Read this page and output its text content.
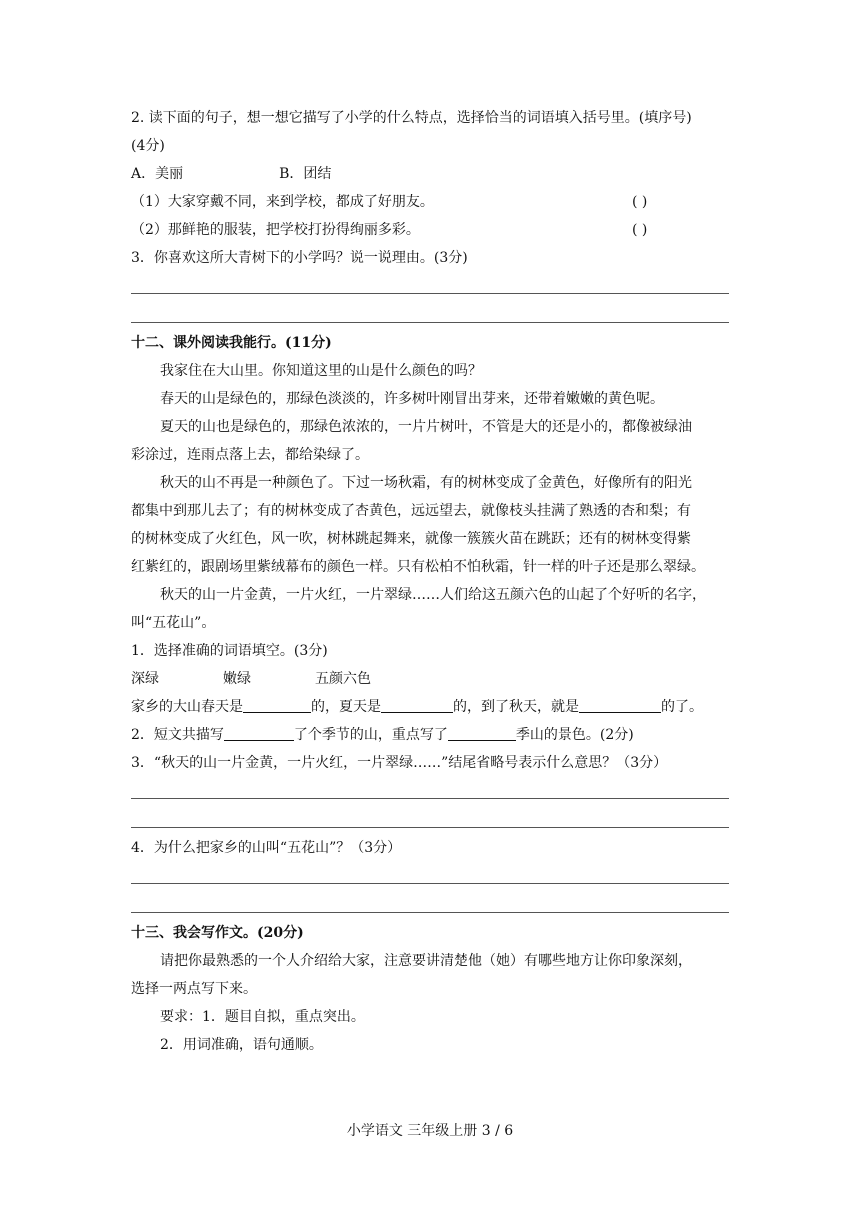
2. 读下面的句子，想一想它描写了小学的什么特点，选择恰当的词语填入括号里。(填序号)
(4分)
A．美丽	B．团结
（1）大家穿戴不同，来到学校，都成了好朋友。	( )
（2）那鲜艳的服装，把学校打扮得绚丽多彩。	( )
3．你喜欢这所大青树下的小学吗？说一说理由。(3分)
十二、课外阅读我能行。(11分)
我家住在大山里。你知道这里的山是什么颜色的吗？
春天的山是绿色的，那绿色淡淡的，许多树叶刚冒出芽来，还带着嫩嫩的黄色呢。
夏天的山也是绿色的，那绿色浓浓的，一片片树叶，不管是大的还是小的，都像被绿油
彩涂过，连雨点落上去，都给染绿了。
秋天的山不再是一种颜色了。下过一场秋霜，有的树林变成了金黄色，好像所有的阳光
都集中到那儿去了；有的树林变成了杏黄色，远远望去，就像枝头挂满了熟透的杏和梨；有
的树林变成了火红色，风一吹，树林跳起舞来，就像一簇簇火苗在跳跃；还有的树林变得紫
红紫红的，跟剧场里紫绒幕布的颜色一样。只有松柏不怕秋霜，针一样的叶子还是那么翠绿。
秋天的山一片金黄，一片火红，一片翠绿……人们给这五颜六色的山起了个好听的名字，
叫“五花山”。
1．选择准确的词语填空。(3分)
深绿	嫩绿	五颜六色
家乡的大山春天是	的，夏天是	的，到了秋天，就是	的了。
2．短文共描写	了个季节的山，重点写了	季山的景色。(2分)
3．“秋天的山一片金黄，一片火红，一片翠绿……”结尾省略号表示什么意思？（3分）
4．为什么把家乡的山叫“五花山”？（3分）
十三、我会写作文。(20分)
请把你最熟悉的一个人介绍给大家，注意要讲清楚他（她）有哪些地方让你印象深刻，
选择一两点写下来。
要求：1．题目自拟，重点突出。
2．用词准确，语句通顺。
小学语文 三年级上册 3 / 6
